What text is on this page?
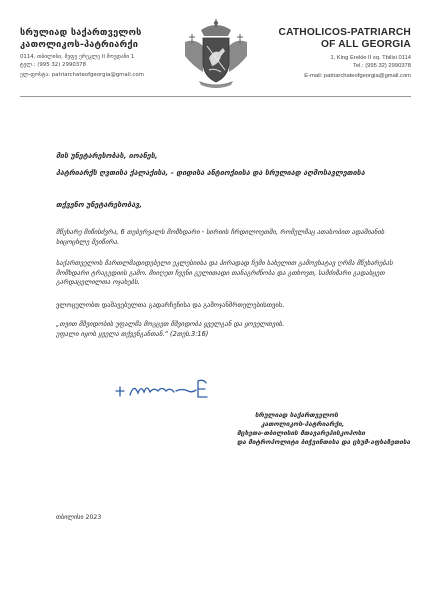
სრულიად საქართველოს
კათოლიკოს-პატრიარქი
0114, თბილისი, მეფე ერეკლე II მოედანი 1
ტელ.: (995 32) 2990378
ელ-ფოსტა: patriarchateofgeorgia@gmail.com
CATHOLICOS-PATRIARCH
OF ALL GEORGIA
1, King Erekle II sq. Tbilisi 0114
Tel.: (995 32) 2990378
E-mail: patriarchateofgeorgia@gmail.com
მის უნეტარესობას, იოანეს,
პატრიარქს ღვთისა ქალაქისა, - დიდისა ანტიოქიისა და სრულიად აღმოსავლეთისა
თქვენო უნეტარესობავ,
მწუხარე მიწისძვრა, 6 თებერვალს მომხდარი - სირიის ჩრდილოეთში, რომელმაც ათასობით ადამიანის სიცოცხლე შეიწირა.
საქართველოს მართლმადიდებელი ეკლესიისა და პირადად ჩემი სახელით გამოვხატავ ღრმა მწუხარებას მომხდარი ტრაგედიის გამო. მიიღეთ ჩვენი გულითადი თანაგრძნობა და გთხოვთ, სამძიმარი გადასცეთ გარდაცვლილთა ოჯახებს.
ვლოცულობთ დაშავებულთა გადარჩენისა და გამოჯანმრთელებისთვის.
„თვით მშვიდობის უფალმა მოგცეთ მშვიდობა ყველგან და ყოველთვის.
უფალი იყოს ყველა თქვენგანთან.“ (2თეს.3:16)
სრულიად საქართველოს
კათოლიკოს-პატრიარქი,
მცხეთა-თბილისის მთავარეპისკოპოსი
და მიტროპოლიტი ბიჭვინთისა და ცხუმ-აფხაზეთისა
თბილისი 2023
